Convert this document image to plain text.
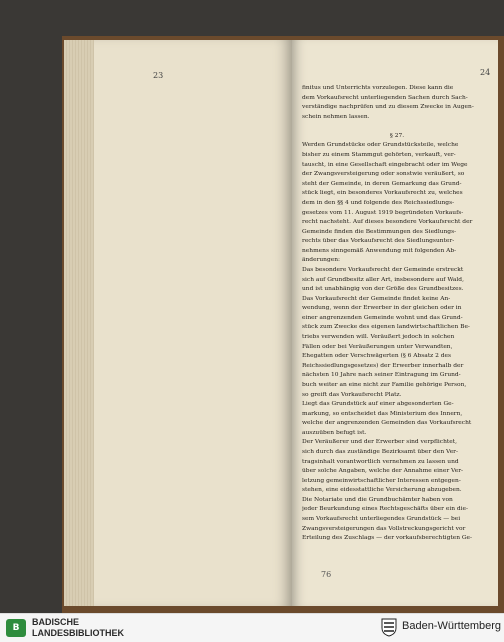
23	24
finitus und Unterrichts vorzulegen. Diese kann die
dem Vorkaufsrecht unterliegenden Sachen durch Sach-
verständige nachprüfen und zu diesem Zwecke in Augen-
schein nehmen lassen.

§ 27.
Werden Grundstücke oder Grundstücksteile, welche
bisher zu einem Stammgut gehörten, verkauft, ver-
tauscht, in eine Gesellschaft eingebracht oder im Wege
der Zwangsversteigerung oder sonstwie veräußert, so
steht der Gemeinde, in deren Gemarkung das Grund-
stück liegt, ein besonderes Vorkaufsrecht zu, welches
dem in den §§ 4 und folgende des Reichssiedlungs-
gesetzes vom 11. August 1919 begründeten Vorkaufs-
recht nachsteht. Auf dieses besondere Vorkaufsrecht der
Gemeinde finden die Bestimmungen des Siedlungs-
rechts über das Vorkaufsrecht des Siedlungsunter-
nehmens sinngemäß Anwendung mit folgenden Ab-
änderungen:
Das besondere Vorkaufsrecht der Gemeinde erstreckt
sich auf Grundbesitz aller Art, insbesondere auf Wald,
und ist unabhängig von der Größe des Grundbesitzes.
Das Vorkaufsrecht der Gemeinde findet keine An-
wendung, wenn der Erwerber in der gleichen oder in
einer angrenzenden Gemeinde wohnt und das Grund-
stück zum Zwecke des eigenen landwirtschaftlichen Be-
triebs verwenden will. Veräußert jedoch in solchen
Fällen oder bei Veräußerungen unter Verwandten,
Ehegatten oder Verschwägerten (§ 6 Absatz 2 des
Reichssiedlungsgesetzes) der Erwerber innerhalb der
nächsten 10 Jahre nach seiner Eintragung im Grund-
buch weiter an eine nicht zur Familie gehörige Person,
so greift das Vorkaufsrecht Platz.
Liegt das Grundstück auf einer abgesonderten Ge-
markung, so entscheidet das Ministerium des Innern,
welche der angrenzenden Gemeinden das Vorkaufsrecht
auszuüben befugt ist.
Der Veräußerer und der Erwerber sind verpflichtet,
sich durch das zuständige Bezirksamt über den Ver-
tragsinhalt vorantwortlich vernehmen zu lassen und
über solche Angaben, welche der Annahme einer Ver-
letzung gemeinwirtschaftlicher Interessen entgegen-
stehen, eine eidesstattliche Versicherung abzugeben.
Die Notariate und die Grundbuchämter haben von
jeder Beurkundung eines Rechtsgeschäfts über ein die-
sem Vorkaufsrecht unterliegendes Grundstück — bei
Zwangsversteigerungen das Vollstreckungsgericht vor
Erteilung des Zuschlags — der vorkaufsberechtigten Ge-
76
B
BADISCHE
LANDESBIBLIOTHEK
Baden-Württemberg
